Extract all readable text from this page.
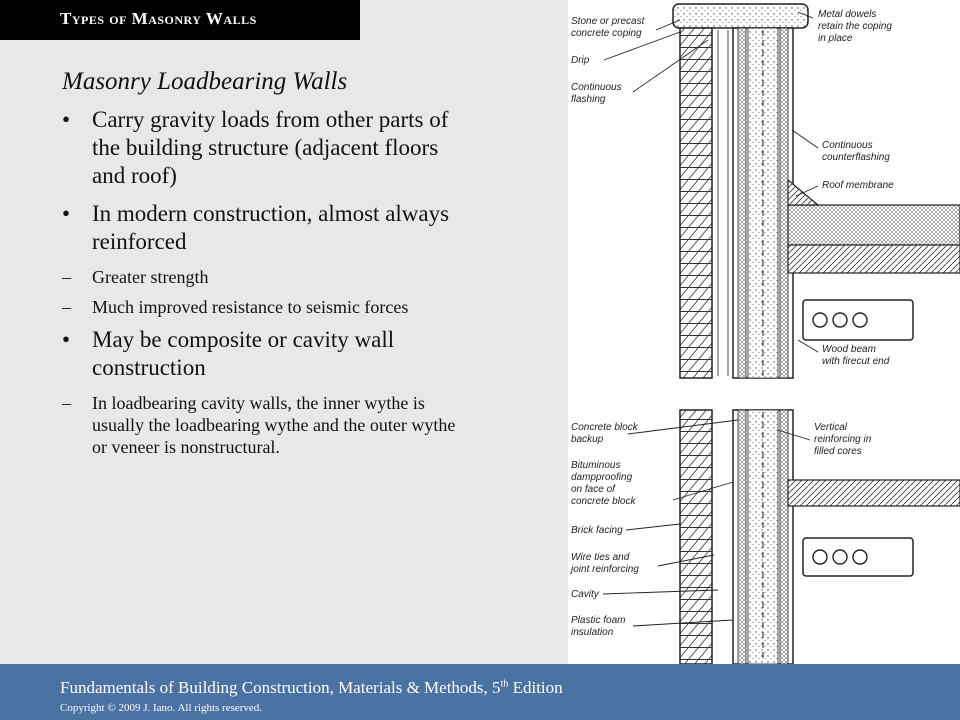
Types of Masonry Walls
Masonry Loadbearing Walls
• Carry gravity loads from other parts of the building structure (adjacent floors and roof)
• In modern construction, almost always reinforced
– Greater strength
– Much improved resistance to seismic forces
• May be composite or cavity wall construction
– In loadbearing cavity walls, the inner wythe is usually the loadbearing wythe and the outer wythe or veneer is nonstructural.
Stone or precast
concrete coping
Drip
Continuous
flashing
Metal dowels
retain the coping
in place
Continuous
counterflashing
Roof membrane
Wood beam
with firecut end
Concrete block
backup
Bituminous
dampproofing
on face of
concrete block
Brick facing
Wire ties and
joint reinforcing
Cavity
Plastic foam
insulation
Vertical
reinforcing in
filled cores
Fundamentals of Building Construction, Materials & Methods, 5th Edition
Copyright © 2009 J. Iano. All rights reserved.
